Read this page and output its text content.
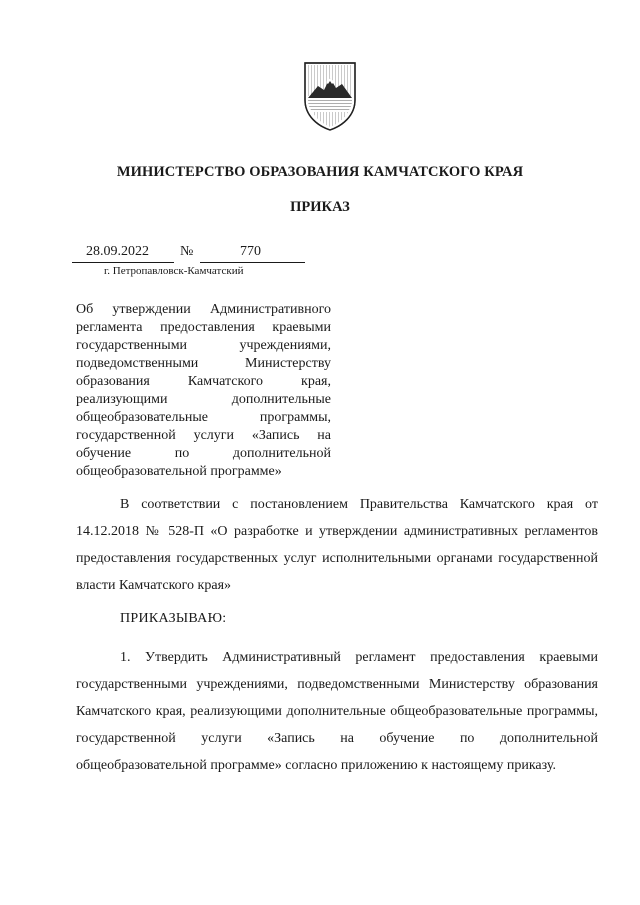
МИНИСТЕРСТВО ОБРАЗОВАНИЯ КАМЧАТСКОГО КРАЯ
ПРИКАЗ
28.09.2022 №	770
г. Петропавловск-Камчатский
Об утверждении Административного регламента предоставления краевыми государственными учреждениями, подведомственными Министерству образования Камчатского края, реализующими дополнительные общеобразовательные программы, государственной услуги «Запись на обучение по дополнительной общеобразовательной программе»
В соответствии с постановлением Правительства Камчатского края от 14.12.2018 № 528-П «О разработке и утверждении административных регламентов предоставления государственных услуг исполнительными органами государственной власти Камчатского края»
ПРИКАЗЫВАЮ:
1. Утвердить Административный регламент предоставления краевыми государственными учреждениями, подведомственными Министерству образования Камчатского края, реализующими дополнительные общеобразовательные программы, государственной услуги «Запись на обучение по дополнительной общеобразовательной программе» согласно приложению к настоящему приказу.
